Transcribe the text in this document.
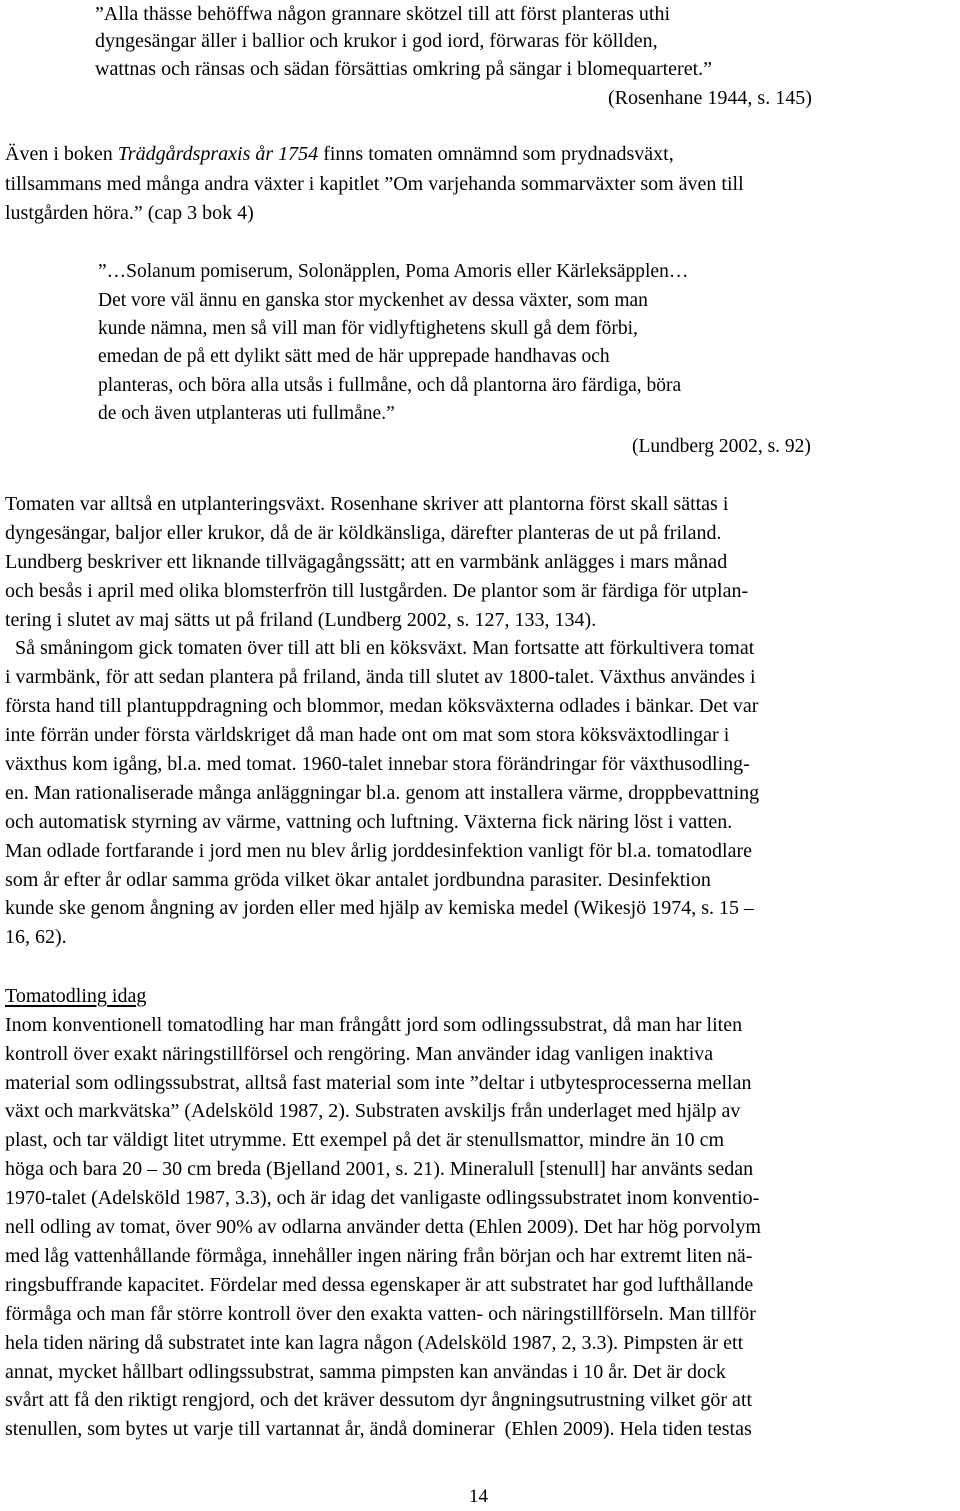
”Alla thässe behöffwa någon grannare skötzel till att först planteras uthi
dyngesängar äller i ballior och krukor i god iord, förwaras för köllden,
wattnas och ränsas och sädan försättias omkring på sängar i blomequarteret.”
(Rosenhane 1944, s. 145)
Även i boken Trädgårdspraxis år 1754 finns tomaten omnämnd som prydnadsväxt,
tillsammans med många andra växter i kapitlet ”Om varjehanda sommarväxter som även till
lustgården höra.” (cap 3 bok 4)
”…Solanum pomiserum, Solonäpplen, Poma Amoris eller Kärleksäpplen…
Det vore väl ännu en ganska stor myckenhet av dessa växter, som man
kunde nämna, men så vill man för vidlyftighetens skull gå dem förbi,
emedan de på ett dylikt sätt med de här upprepade handhavas och
planteras, och böra alla utsås i fullmåne, och då plantorna äro färdiga, böra
de och även utplanteras uti fullmåne.”
(Lundberg 2002, s. 92)
Tomaten var alltså en utplanteringsväxt. Rosenhane skriver att plantorna först skall sättas i
dyngesängar, baljor eller krukor, då de är köldkänsliga, därefter planteras de ut på friland.
Lundberg beskriver ett liknande tillvägagångssätt; att en varmbänk anlägges i mars månad
och besås i april med olika blomsterfrön till lustgården. De plantor som är färdiga för utplan-
tering i slutet av maj sätts ut på friland (Lundberg 2002, s. 127, 133, 134).
Så småningom gick tomaten över till att bli en köksväxt. Man fortsatte att förkultivera tomat
i varmbänk, för att sedan plantera på friland, ända till slutet av 1800-talet. Växthus användes i
första hand till plantuppdragning och blommor, medan köksväxterna odlades i bänkar. Det var
inte förrän under första världskriget då man hade ont om mat som stora köksväxtodlingar i
växthus kom igång, bl.a. med tomat. 1960-talet innebar stora förändringar för växthusodling-
en. Man rationaliserade många anläggningar bl.a. genom att installera värme, droppbevattning
och automatisk styrning av värme, vattning och luftning. Växterna fick näring löst i vatten.
Man odlade fortfarande i jord men nu blev årlig jorddesinfektion vanligt för bl.a. tomatodlare
som år efter år odlar samma gröda vilket ökar antalet jordbundna parasiter. Desinfektion
kunde ske genom ångning av jorden eller med hjälp av kemiska medel (Wikesjö 1974, s. 15 –
16, 62).
Tomatodling idag
Inom konventionell tomatodling har man frångått jord som odlingssubstrat, då man har liten
kontroll över exakt näringstillförsel och rengöring. Man använder idag vanligen inaktiva
material som odlingssubstrat, alltså fast material som inte ”deltar i utbytesprocesserna mellan
växt och markvätska” (Adelsköld 1987, 2). Substraten avskiljs från underlaget med hjälp av
plast, och tar väldigt litet utrymme. Ett exempel på det är stenullsmattor, mindre än 10 cm
höga och bara 20 – 30 cm breda (Bjelland 2001, s. 21). Mineralull [stenull] har använts sedan
1970-talet (Adelsköld 1987, 3.3), och är idag det vanligaste odlingssubstratet inom konventio-
nell odling av tomat, över 90% av odlarna använder detta (Ehlen 2009). Det har hög porvolym
med låg vattenhållande förmåga, innehåller ingen näring från början och har extremt liten nä-
ringsbuffrande kapacitet. Fördelar med dessa egenskaper är att substratet har god lufthållande
förmåga och man får större kontroll över den exakta vatten- och näringstillförseln. Man tillför
hela tiden näring då substratet inte kan lagra någon (Adelsköld 1987, 2, 3.3). Pimpsten är ett
annat, mycket hållbart odlingssubstrat, samma pimpsten kan användas i 10 år. Det är dock
svårt att få den riktigt rengjord, och det kräver dessutom dyr ångningsutrustning vilket gör att
stenullen, som bytes ut varje till vartannat år, ändå dominerar  (Ehlen 2009). Hela tiden testas
14
